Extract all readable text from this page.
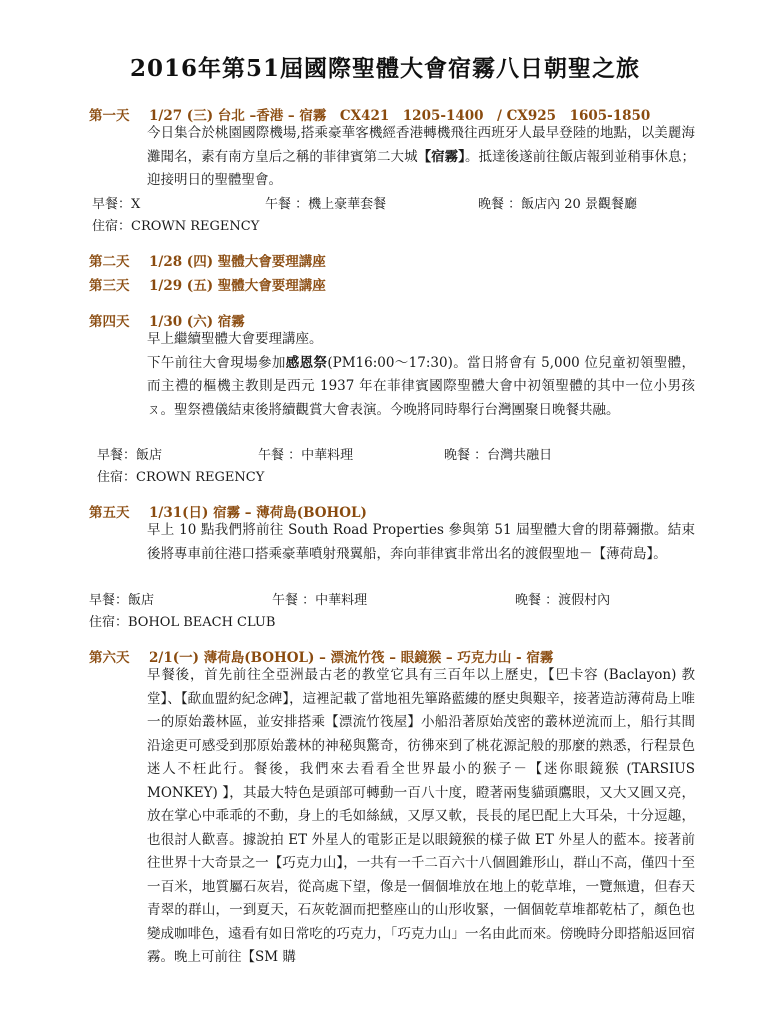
2016年第51屆國際聖體大會宿霧八日朝聖之旅
第一天 1/27 (三) 台北 –香港 – 宿霧　CX421　1205-1400　/ CX925　1605-1850
今日集合於桃園國際機場,搭乘豪華客機經香港轉機飛往西班牙人最早登陸的地點，以美麗海灘聞名，素有南方皇后之稱的菲律賓第二大城【宿霧】。抵達後遂前往飯店報到並稍事休息；迎接明日的聖體聖會。
早餐：X	午餐 ：機上豪華套餐	晚餐 ：飯店內 20 景觀餐廳
住宿：CROWN REGENCY
第二天 1/28 (四) 聖體大會要理講座
第三天 1/29 (五) 聖體大會要理講座
第四天 1/30 (六) 宿霧
早上繼續聖體大會要理講座。
下午前往大會現場參加感恩祭(PM16:00～17:30)。當日將會有 5,000 位兒童初領聖體，而主禮的樞機主教則是西元 1937 年在菲律賓國際聖體大會中初領聖體的其中一位小男孩ㄡ。聖祭禮儀結束後將續觀賞大會表演。今晚將同時舉行台灣團聚日晚餐共融。
早餐：飯店	午餐 ：中華料理	晚餐 ：台灣共融日
住宿：CROWN REGENCY
第五天 1/31(日) 宿霧 – 薄荷島(BOHOL)
早上 10 點我們將前往 South Road Properties 參與第 51 屆聖體大會的閉幕彌撒。結束後將專車前往港口搭乘豪華噴射飛翼船，奔向菲律賓非常出名的渡假聖地－【薄荷島】。
早餐：飯店	午餐 ：中華料理	晚餐 ：渡假村內
住宿：BOHOL BEACH CLUB
第六天 2/1(一) 薄荷島(BOHOL) – 漂流竹筏 – 眼鏡猴 – 巧克力山 - 宿霧
早餐後，首先前往全亞洲最古老的教堂它具有三百年以上歷史，【巴卡容 (Baclayon) 教堂】、【歃血盟約紀念碑】，這裡記載了當地祖先篳路藍縷的歷史與艱辛，接著造訪薄荷島上唯一的原始叢林區，並安排搭乘【漂流竹筏屋】小船沿著原始茂密的叢林逆流而上，船行其間沿途更可感受到那原始叢林的神秘與驚奇，彷彿來到了桃花源記般的那麼的熟悉，行程景色迷人不枉此行。餐後，我們來去看看全世界最小的猴子－【迷你眼鏡猴 (TARSIUS MONKEY) 】，其最大特色是頭部可轉動一百八十度，瞪著兩隻貓頭鷹眼，又大又圓又亮，放在掌心中乖乖的不動，身上的毛如絲絨，又厚又軟，長長的尾巴配上大耳朵，十分逗趣，也很討人歡喜。據說拍 ET 外星人的電影正是以眼鏡猴的樣子做 ET 外星人的藍本。接著前往世界十大奇景之一【巧克力山】，一共有一千二百六十八個圓錐形山，群山不高，僅四十至一百米，地質屬石灰岩，從高處下望，像是一個個堆放在地上的乾草堆，一覽無遺，但春天青翠的群山，一到夏天，石灰乾涸而把整座山的山形收緊，一個個乾草堆都乾枯了，顏色也變成咖啡色，遠看有如日常吃的巧克力，「巧克力山」一名由此而來。傍晚時分即搭船返回宿霧。晚上可前往【SM 購
